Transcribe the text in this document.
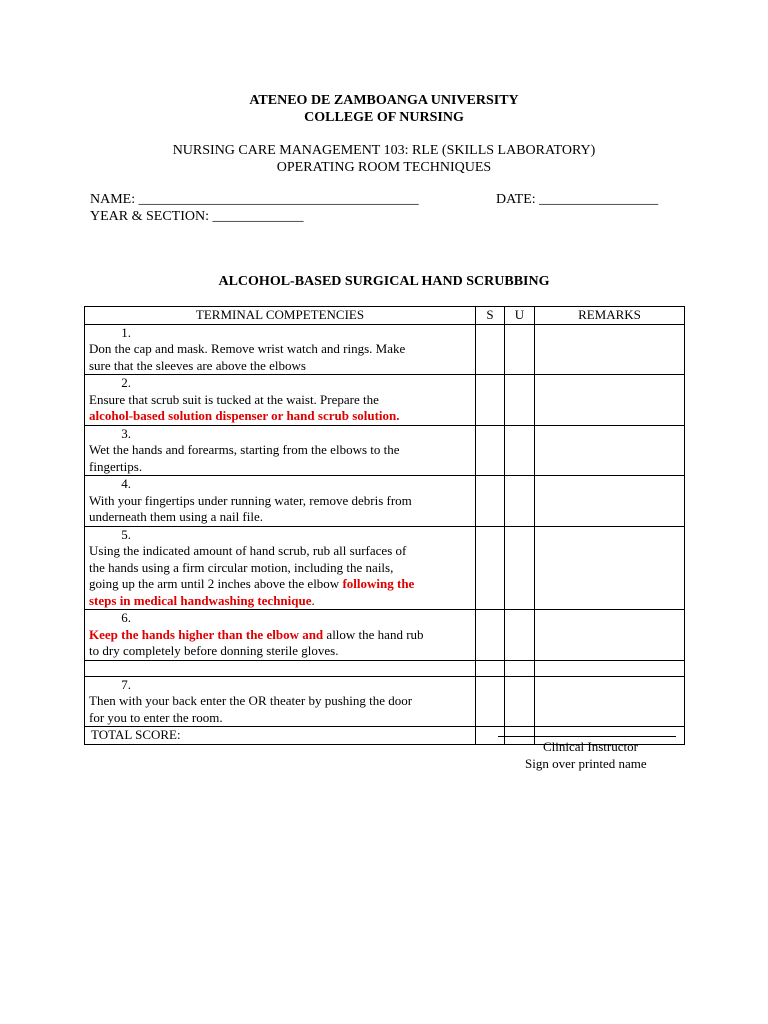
ATENEO DE ZAMBOANGA UNIVERSITY
COLLEGE OF NURSING
NURSING CARE MANAGEMENT 103: RLE (SKILLS LABORATORY)
OPERATING ROOM TECHNIQUES
NAME: ________________________________________	DATE: _________________
YEAR & SECTION: _____________
ALCOHOL-BASED SURGICAL HAND SCRUBBING
TERMINAL COMPETENCIES	S	U	REMARKS
1.Don the cap and mask. Remove wrist watch and rings. Make sure that the sleeves are above the elbows			
2.Ensure that scrub suit is tucked at the waist. Prepare the alcohol-based solution dispenser or hand scrub solution.			
3.Wet the hands and forearms, starting from the elbows to the fingertips.			
4.With your fingertips under running water, remove debris from underneath them using a nail file.			
5.Using the indicated amount of hand scrub, rub all surfaces of the hands using a firm circular motion, including the nails, going up the arm until 2 inches above the elbow following the steps in medical handwashing technique.			
6.Keep the hands higher than the elbow and allow the hand rub to dry completely before donning sterile gloves.			

7.Then with your back enter the OR theater by pushing the door for you to enter the room.			
TOTAL SCORE:			
Clinical Instructor
Sign over printed name
